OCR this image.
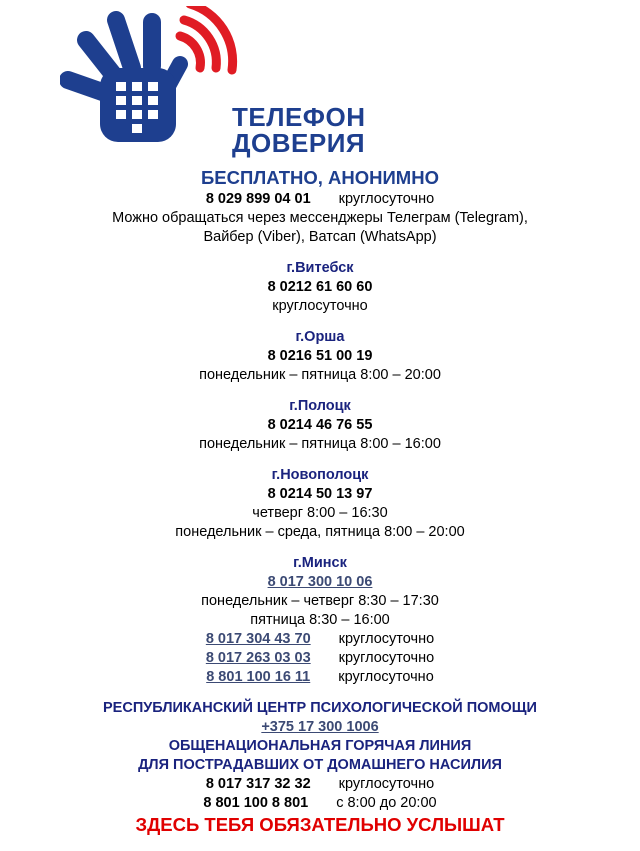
ТЕЛЕФОН
ДОВЕРИЯ
БЕСПЛАТНО, АНОНИМНО
8 029 899 04 01 круглосуточно
Можно обращаться через мессенджеры Телеграм (Telegram),
Вайбер (Viber), Ватсап (WhatsApp)
г.Витебск
8 0212 61 60 60
круглосуточно
г.Орша
8 0216 51 00 19
понедельник – пятница 8:00 – 20:00
г.Полоцк
8 0214 46 76 55
понедельник – пятница 8:00 – 16:00
г.Новополоцк
8 0214 50 13 97
четверг 8:00 – 16:30
понедельник – среда, пятница 8:00 – 20:00
г.Минск
8 017 300 10 06
понедельник – четверг 8:30 – 17:30
пятница 8:30 – 16:00
8 017 304 43 70 круглосуточно
8 017 263 03 03 круглосуточно
8 801 100 16 11 круглосуточно
РЕСПУБЛИКАНСКИЙ ЦЕНТР ПСИХОЛОГИЧЕСКОЙ ПОМОЩИ
+375 17 300 1006
ОБЩЕНАЦИОНАЛЬНАЯ ГОРЯЧАЯ ЛИНИЯ
ДЛЯ ПОСТРАДАВШИХ ОТ ДОМАШНЕГО НАСИЛИЯ
8 017 317 32 32 круглосуточно
8 801 100 8 801 с 8:00 до 20:00
ЗДЕСЬ ТЕБЯ ОБЯЗАТЕЛЬНО УСЛЫШАТ
